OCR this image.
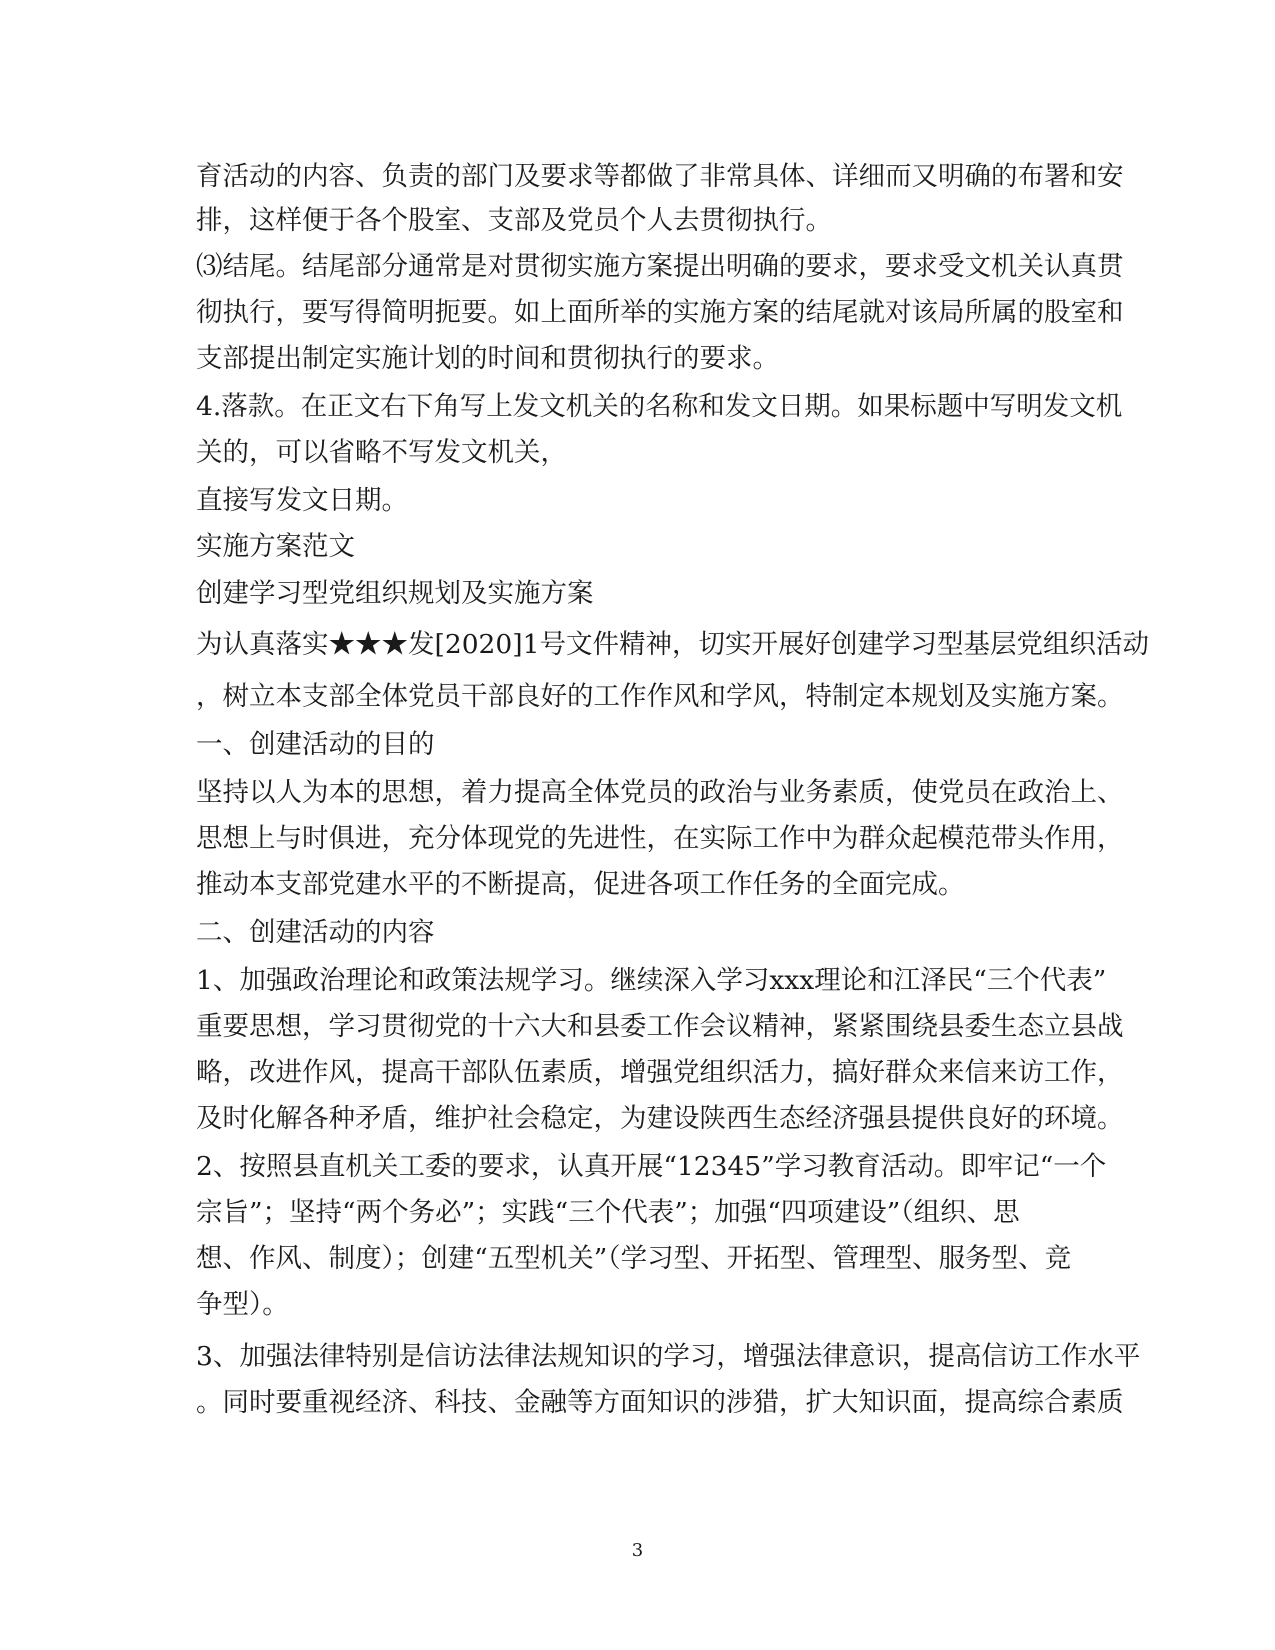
育活动的内容、负责的部门及要求等都做了非常具体、详细而又明确的布署和安
排，这样便于各个股室、支部及党员个人去贯彻执行。
⑶结尾。结尾部分通常是对贯彻实施方案提出明确的要求，要求受文机关认真贯
彻执行，要写得简明扼要。如上面所举的实施方案的结尾就对该局所属的股室和
支部提出制定实施计划的时间和贯彻执行的要求。
4.落款。在正文右下角写上发文机关的名称和发文日期。如果标题中写明发文机
关的，可以省略不写发文机关，
直接写发文日期。
实施方案范文
创建学习型党组织规划及实施方案
为认真落实★★★发[2020]1号文件精神，切实开展好创建学习型基层党组织活动
，树立本支部全体党员干部良好的工作作风和学风，特制定本规划及实施方案。
一、创建活动的目的
坚持以人为本的思想，着力提高全体党员的政治与业务素质，使党员在政治上、
思想上与时俱进，充分体现党的先进性，在实际工作中为群众起模范带头作用，
推动本支部党建水平的不断提高，促进各项工作任务的全面完成。
二、创建活动的内容
1、加强政治理论和政策法规学习。继续深入学习xxx理论和江泽民“三个代表”
重要思想，学习贯彻党的十六大和县委工作会议精神，紧紧围绕县委生态立县战
略，改进作风，提高干部队伍素质，增强党组织活力，搞好群众来信来访工作，
及时化解各种矛盾，维护社会稳定，为建设陕西生态经济强县提供良好的环境。
2、按照县直机关工委的要求，认真开展“12345”学习教育活动。即牢记“一个
宗旨”；坚持“两个务必”；实践“三个代表”；加强“四项建设”（组织、思
想、作风、制度）；创建“五型机关”（学习型、开拓型、管理型、服务型、竞
争型）。
3、加强法律特别是信访法律法规知识的学习，增强法律意识，提高信访工作水平
。同时要重视经济、科技、金融等方面知识的涉猎，扩大知识面，提高综合素质
3
